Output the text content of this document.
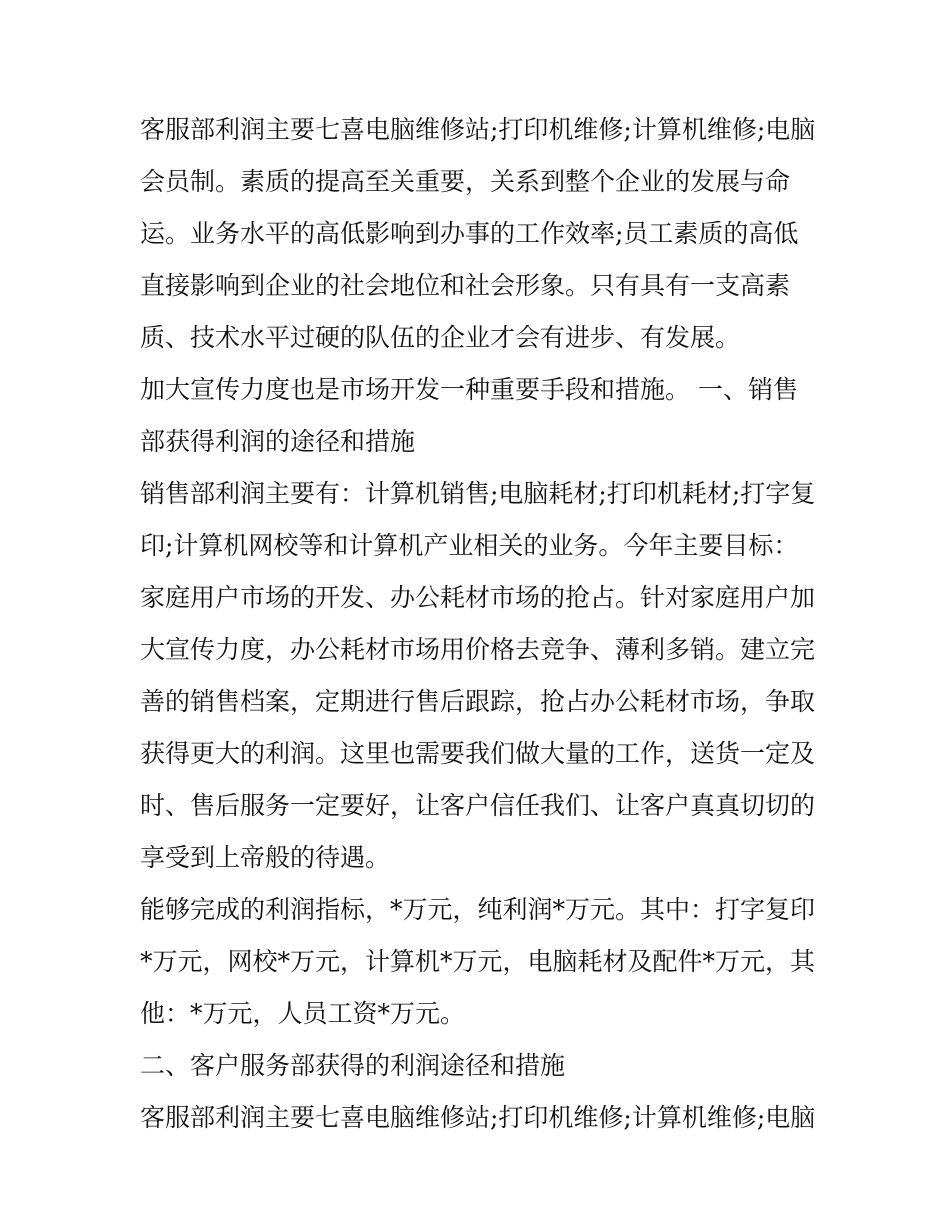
客服部利润主要七喜电脑维修站;打印机维修;计算机维修;电脑
会员制。素质的提高至关重要，关系到整个企业的发展与命
运。业务水平的高低影响到办事的工作效率;员工素质的高低
直接影响到企业的社会地位和社会形象。只有具有一支高素
质、技术水平过硬的队伍的企业才会有进步、有发展。
加大宣传力度也是市场开发一种重要手段和措施。 一、销售
部获得利润的途径和措施
销售部利润主要有：计算机销售;电脑耗材;打印机耗材;打字复
印;计算机网校等和计算机产业相关的业务。今年主要目标：
家庭用户市场的开发、办公耗材市场的抢占。针对家庭用户加
大宣传力度，办公耗材市场用价格去竞争、薄利多销。建立完
善的销售档案，定期进行售后跟踪，抢占办公耗材市场，争取
获得更大的利润。这里也需要我们做大量的工作，送货一定及
时、售后服务一定要好，让客户信任我们、让客户真真切切的
享受到上帝般的待遇。
能够完成的利润指标，*万元，纯利润*万元。其中：打字复印
*万元，网校*万元，计算机*万元，电脑耗材及配件*万元，其
他：*万元，人员工资*万元。
二、客户服务部获得的利润途径和措施
客服部利润主要七喜电脑维修站;打印机维修;计算机维修;电脑
